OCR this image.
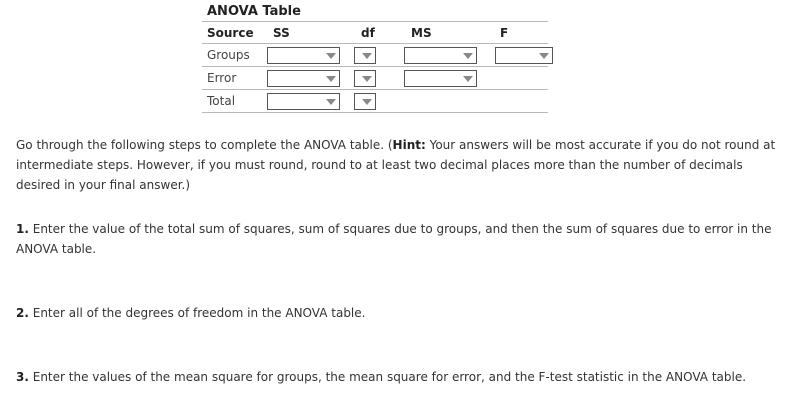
ANOVA Table
Source	SS	df	MS	F
Groups	

Error	

Total	

Go through the following steps to complete the ANOVA table. (Hint: Your answers will be most accurate if you do not round at intermediate steps. However, if you must round, round to at least two decimal places more than the number of decimals desired in your final answer.)
1. Enter the value of the total sum of squares, sum of squares due to groups, and then the sum of squares due to error in the ANOVA table.
2. Enter all of the degrees of freedom in the ANOVA table.
3. Enter the values of the mean square for groups, the mean square for error, and the F-test statistic in the ANOVA table.
